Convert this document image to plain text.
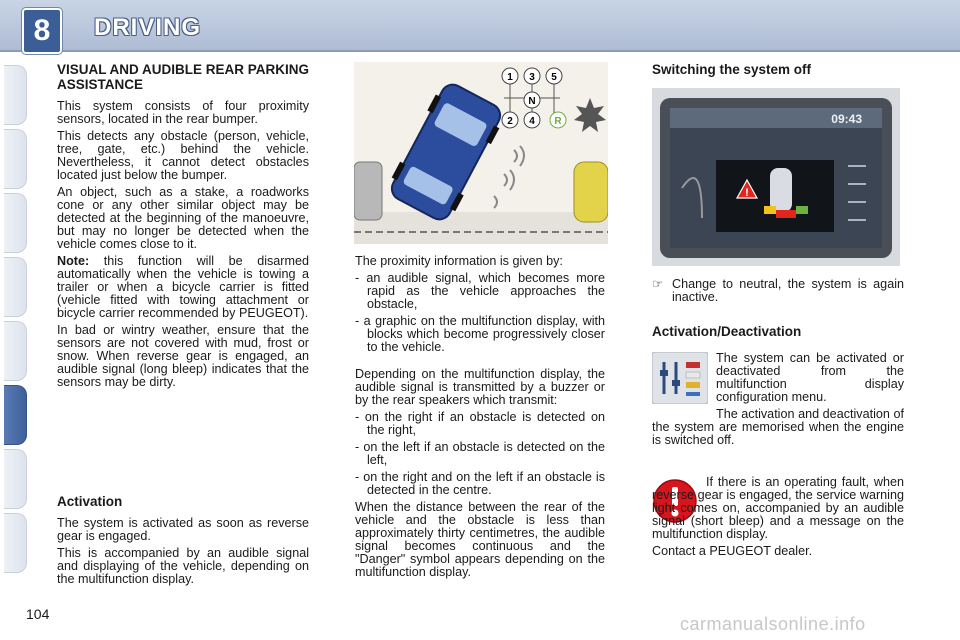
8	DRIVING
VISUAL AND AUDIBLE REAR PARKING ASSISTANCE

This system consists of four proximity sensors, located in the rear bumper.

This detects any obstacle (person, vehicle, tree, gate, etc.) behind the vehicle. Nevertheless, it cannot detect obstacles located just below the bumper.

An object, such as a stake, a roadworks cone or any other similar object may be detected at the beginning of the manoeuvre, but may no longer be detected when the vehicle comes close to it.

Note: this function will be disarmed automatically when the vehicle is towing a trailer or when a bicycle carrier is fitted (vehicle fitted with towing attachment or bicycle carrier recommended by PEUGEOT).

In bad or wintry weather, ensure that the sensors are not covered with mud, frost or snow. When reverse gear is engaged, an audible signal (long bleep) indicates that the sensors may be dirty.

Activation

The system is activated as soon as reverse gear is engaged.

This is accompanied by an audible signal and displaying of the vehicle, depending on the multifunction display.

1 3 5
N
2 4 R

The proximity information is given by:

- an audible signal, which becomes more rapid as the vehicle approaches the obstacle,

- a graphic on the multifunction display, with blocks which become progressively closer to the vehicle.

Depending on the multifunction display, the audible signal is transmitted by a buzzer or by the rear speakers which transmit:

- on the right if an obstacle is detected on the right,

- on the left if an obstacle is detected on the left,

- on the right and on the left if an obstacle is detected in the centre.

When the distance between the rear of the vehicle and the obstacle is less than approximately thirty centimetres, the audible signal becomes continuous and the "Danger" symbol appears depending on the multifunction display.

Switching the system off
09:43
!

☞ Change to neutral, the system is again inactive.

Activation/Deactivation

The system can be activated or deactivated from the multifunction display configuration menu.

The activation and deactivation of the system are memorised when the engine is switched off.

If there is an operating fault, when reverse gear is engaged, the service warning light comes on, accompanied by an audible signal (short bleep) and a message on the multifunction display.

Contact a PEUGEOT dealer.

104	carmanualsonline.info
